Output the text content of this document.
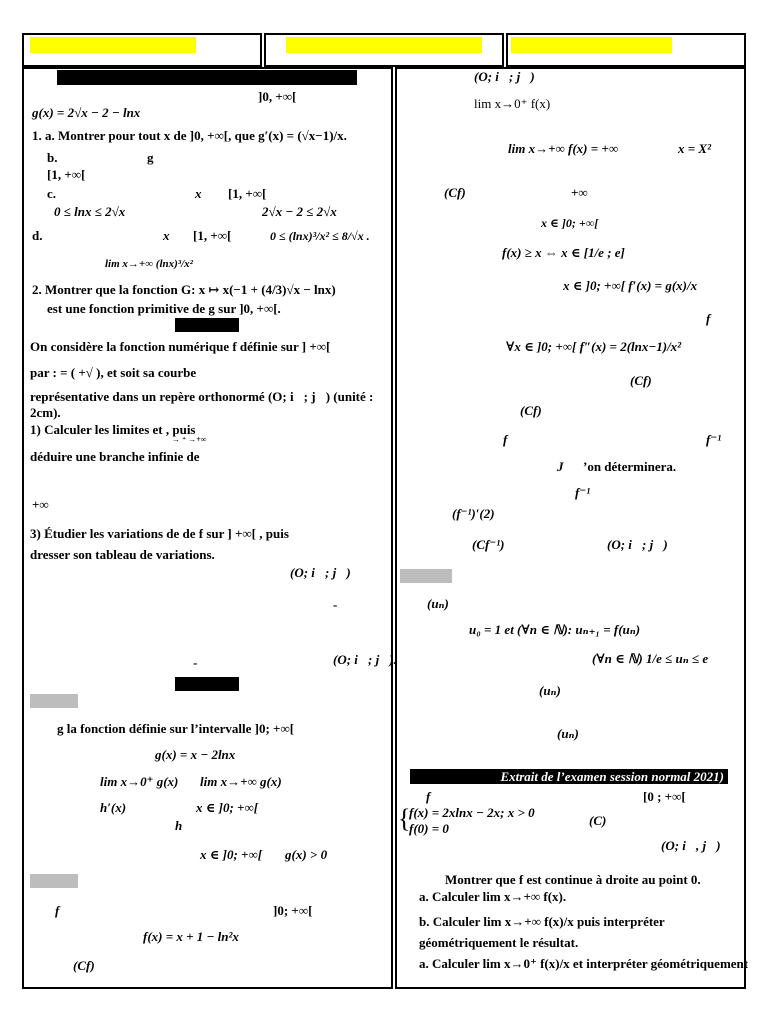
]0, +∞[
g(x) = 2√x − 2 − lnx
1. a. Montrer pour tout x de ]0, +∞[, que g′(x) = (√x−1)/x.
b.	g
[1, +∞[
c.	x [1, +∞[
0 ≤ lnx ≤ 2√x	2√x − 2 ≤ 2√x
d.	x [1, +∞[	0 ≤ (lnx)³/x² ≤ 8/√x .
lim x→+∞ (lnx)³/x²
2. Montrer que la fonction G: x ↦ x(−1 + (4/3)√x − lnx)
est une fonction primitive de g sur ]0, +∞[.
On considère la fonction numérique f définie sur ] +∞[
par : = ( +√ ), et soit sa courbe
représentative dans un repère orthonormé (O; i⃗; j⃗) (unité :
2cm).
1) Calculer les limites et , puis
→ ⁺ →+∞
déduire une branche infinie de
+∞
3) Étudier les variations de de f sur ] +∞[ , puis
dresser son tableau de variations.
(O; i⃗; j⃗)
-
-	(O; i⃗; j⃗).
g la fonction définie sur l’intervalle ]0; +∞[
g(x) = x − 2lnx
lim x→0⁺ g(x) lim x→+∞ g(x)
h′(x)	x ∈ ]0; +∞[
h
x ∈ ]0; +∞[ g(x) > 0
f	]0; +∞[
f(x) = x + 1 − ln²x
(Cf)
(O; i⃗; j⃗)
lim x→0⁺ f(x)
lim x→+∞ f(x) = +∞	x = X²
(Cf)	+∞
x ∈ ]0; +∞[
f(x) ≥ x ⇔ x ∈ [1/e ; e]
x ∈ ]0; +∞[ f′(x) = g(x)/x
f
∀x ∈ ]0; +∞[ f″(x) = 2(lnx−1)/x²
(Cf)
(Cf)
f	f⁻¹
J ’on déterminera.
f⁻¹
(f⁻¹)′(2)
(Cf⁻¹)	(O; i⃗; j⃗)
(uₙ)
u₀ = 1 et (∀n ∈ ℕ): uₙ₊₁ = f(uₙ)
(∀n ∈ ℕ) 1/e ≤ uₙ ≤ e
(uₙ)
(uₙ)
Extrait de l’examen session normal 2021)
f	[0 ; +∞[
{
f(x) = 2xlnx − 2x; x > 0
(C)
f(0) = 0
(O; i⃗, j⃗)
Montrer que f est continue à droite au point 0.
a. Calculer lim x→+∞ f(x).
b. Calculer lim x→+∞ f(x)/x puis interpréter
géométriquement le résultat.
a. Calculer lim x→0⁺ f(x)/x et interpréter géométriquement
